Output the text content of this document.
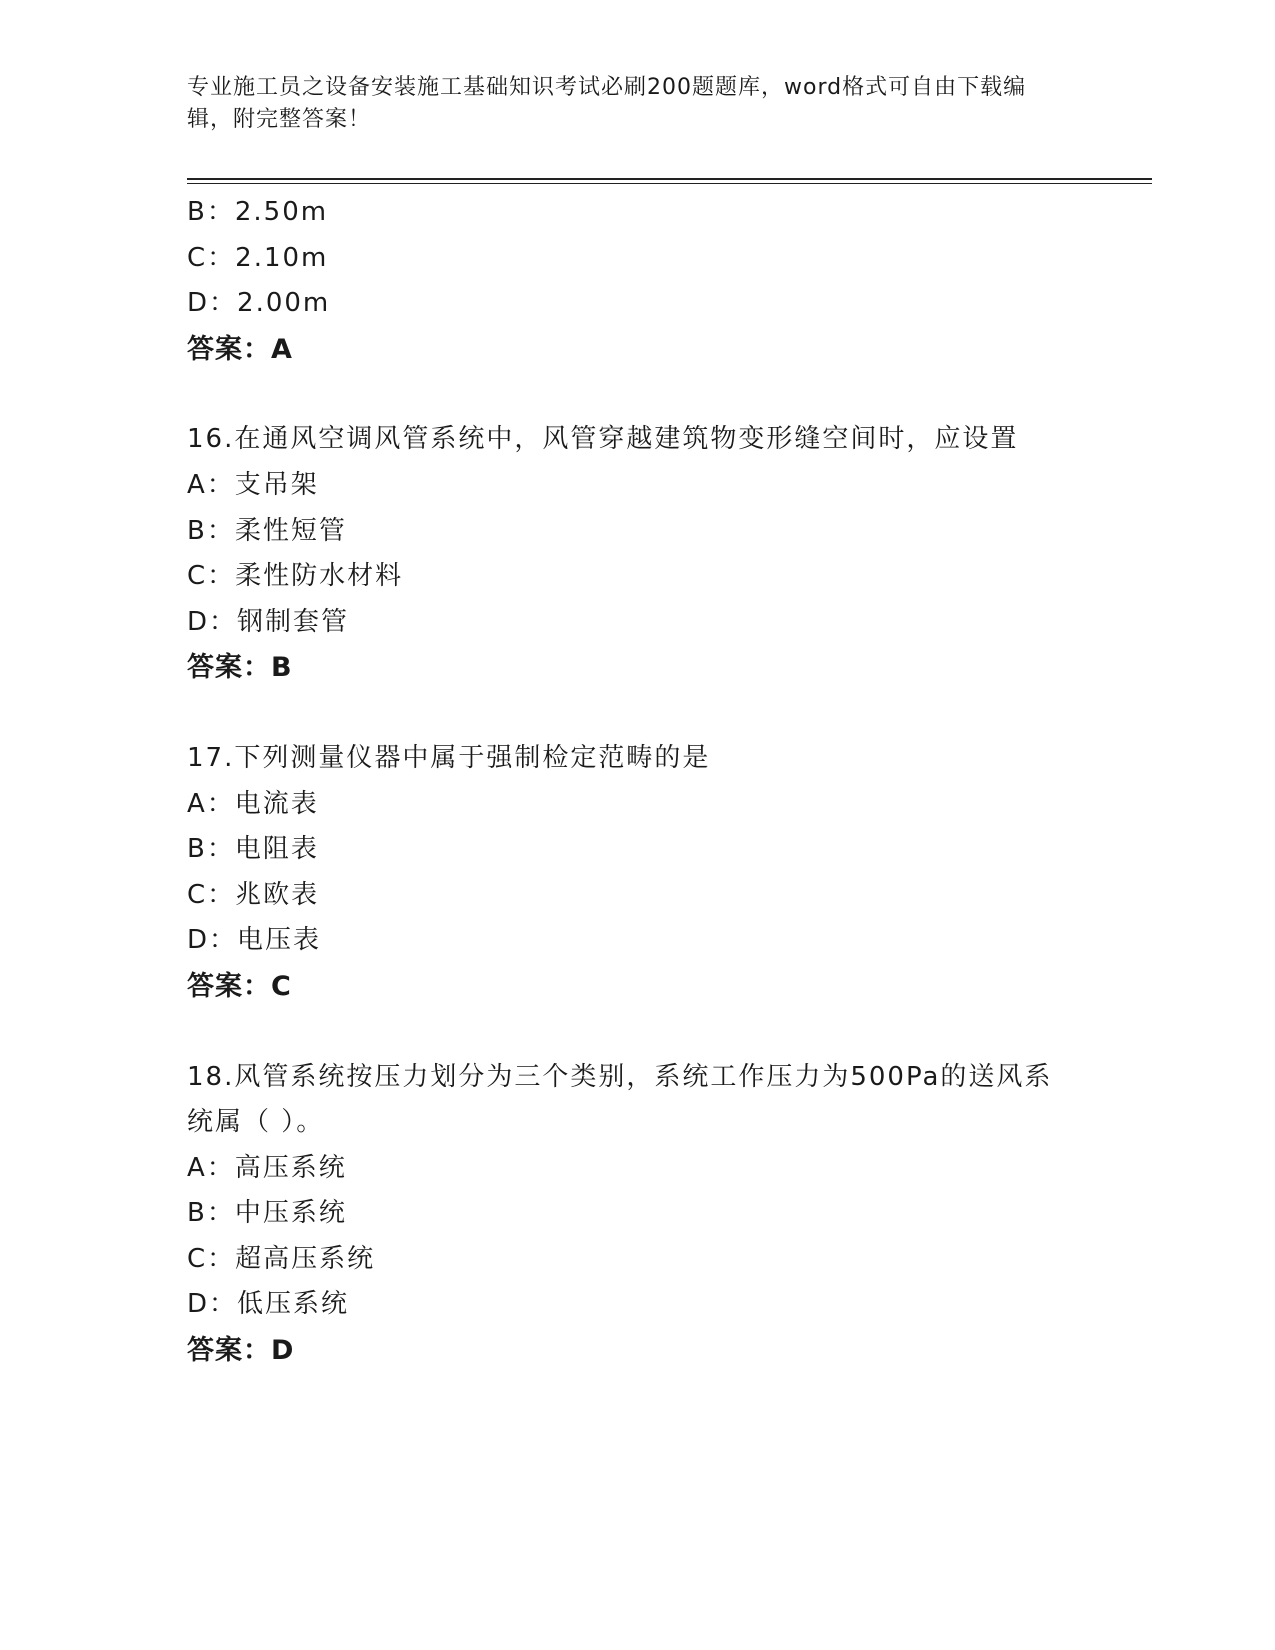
专业施工员之设备安装施工基础知识考试必刷200题题库，word格式可自由下载编辑，附完整答案！
B：2.50m
C：2.10m
D：2.00m
答案：A
16.在通风空调风管系统中，风管穿越建筑物变形缝空间时，应设置
A：支吊架
B：柔性短管
C：柔性防水材料
D：钢制套管
答案：B
17.下列测量仪器中属于强制检定范畴的是
A：电流表
B：电阻表
C：兆欧表
D：电压表
答案：C
18.风管系统按压力划分为三个类别，系统工作压力为500Pa的送风系统属（ ）。
A：高压系统
B：中压系统
C：超高压系统
D：低压系统
答案：D
